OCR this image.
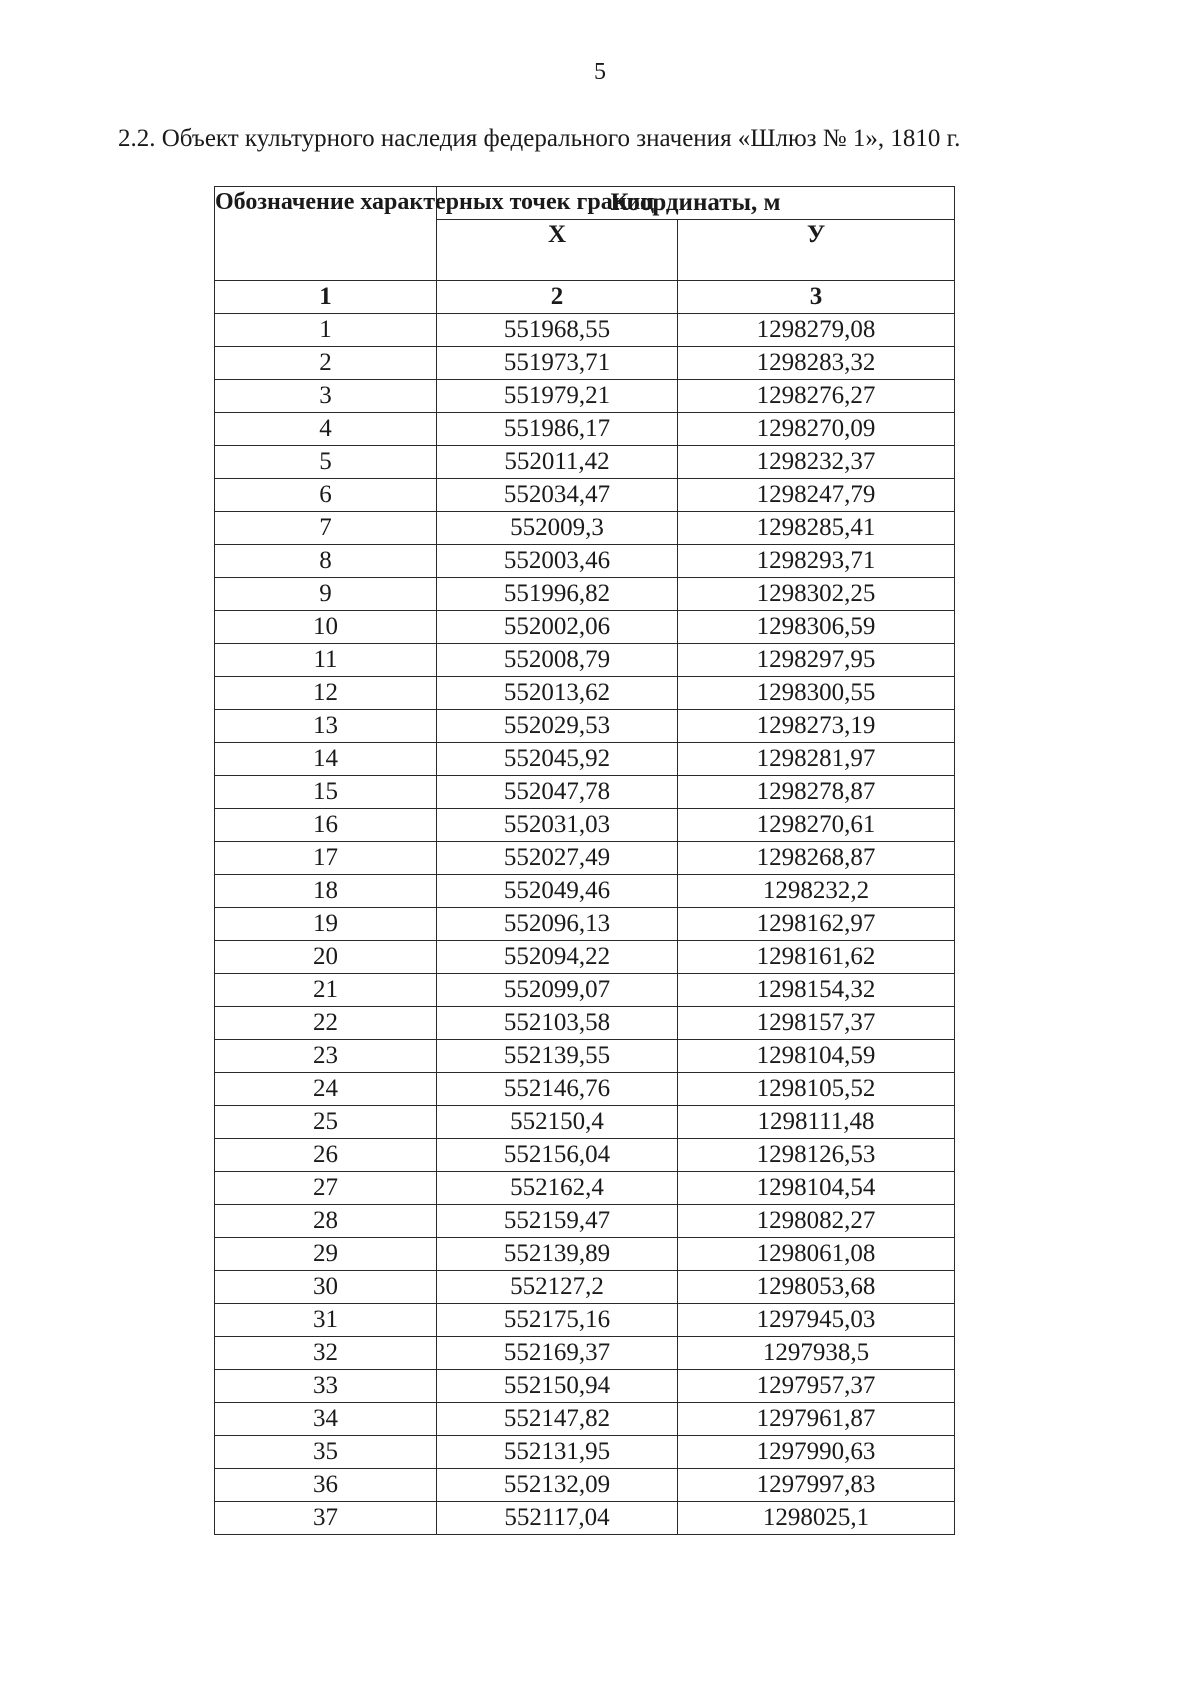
5
2.2. Объект культурного наследия федерального значения «Шлюз № 1», 1810 г.
Обозначение характерных точек границ	Координаты, м	
	X	У
1	2	3
1	551968,55	1298279,08
2	551973,71	1298283,32
3	551979,21	1298276,27
4	551986,17	1298270,09
5	552011,42	1298232,37
6	552034,47	1298247,79
7	552009,3	1298285,41
8	552003,46	1298293,71
9	551996,82	1298302,25
10	552002,06	1298306,59
11	552008,79	1298297,95
12	552013,62	1298300,55
13	552029,53	1298273,19
14	552045,92	1298281,97
15	552047,78	1298278,87
16	552031,03	1298270,61
17	552027,49	1298268,87
18	552049,46	1298232,2
19	552096,13	1298162,97
20	552094,22	1298161,62
21	552099,07	1298154,32
22	552103,58	1298157,37
23	552139,55	1298104,59
24	552146,76	1298105,52
25	552150,4	1298111,48
26	552156,04	1298126,53
27	552162,4	1298104,54
28	552159,47	1298082,27
29	552139,89	1298061,08
30	552127,2	1298053,68
31	552175,16	1297945,03
32	552169,37	1297938,5
33	552150,94	1297957,37
34	552147,82	1297961,87
35	552131,95	1297990,63
36	552132,09	1297997,83
37	552117,04	1298025,1
